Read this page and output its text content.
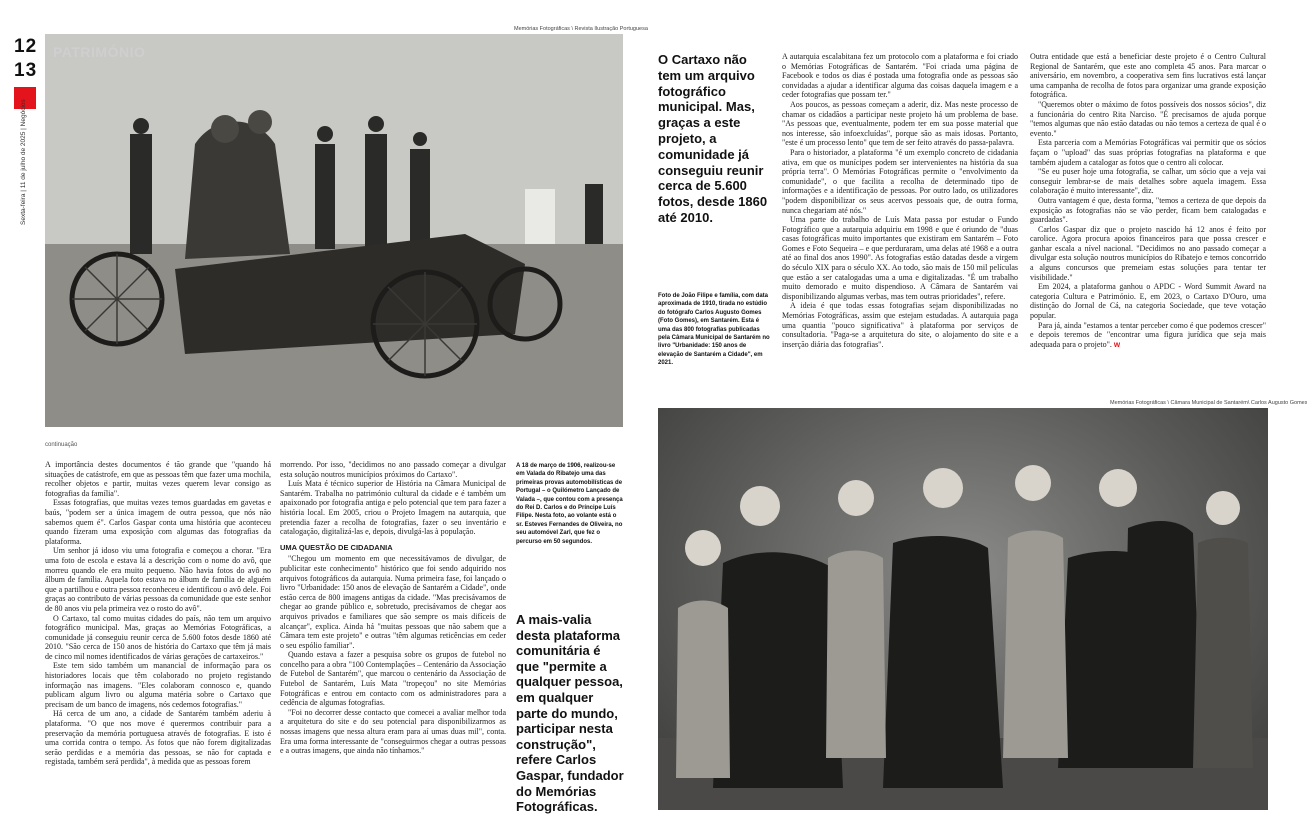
12
13
Sexta-feira | 11 de julho de 2025 | Negócios
Memórias Fotográficas \ Revista Ilustração Portuguesa
PATRIMÓNIO
continuação

A importância destes documentos é tão grande que "quando há situações de catástrofe, em que as pessoas têm que fazer uma mochila, recolher objetos e partir, muitas vezes querem levar consigo as fotografias da família".

Essas fotografias, que muitas vezes temos guardadas em gavetas e baús, "podem ser a única imagem de outra pessoa, que nós não sabemos quem é". Carlos Gaspar conta uma história que aconteceu quando fizeram uma exposição com algumas das fotografias da plataforma.

Um senhor já idoso viu uma fotografia e começou a chorar. "Era uma foto de escola e estava lá a descrição com o nome do avô, que morreu quando ele era muito pequeno. Não havia fotos do avô no álbum de família. Aquela foto estava no álbum de família de alguém que a partilhou e outra pessoa reconheceu e identificou o avô dele. Foi graças ao contributo de várias pessoas da comunidade que este senhor de 80 anos viu pela primeira vez o rosto do avô".

O Cartaxo, tal como muitas cidades do país, não tem um arquivo fotográfico municipal. Mas, graças ao Memórias Fotográficas, a comunidade já conseguiu reunir cerca de 5.600 fotos desde 1860 até 2010. "São cerca de 150 anos de história do Cartaxo que têm já mais de cinco mil nomes identificados de várias gerações de cartaxeiros."

Este tem sido também um manancial de informação para os historiadores locais que têm colaborado no projeto registando informação nas imagens. "Eles colaboram connosco e, quando publicam algum livro ou alguma matéria sobre o Cartaxo que precisam de um banco de imagens, nós cedemos fotografias."

Há cerca de um ano, a cidade de Santarém também aderiu à plataforma. "O que nos move é querermos contribuir para a preservação da memória portuguesa através de fotografias. E isto é uma corrida contra o tempo. As fotos que não forem digitalizadas serão perdidas e a memória das pessoas, se não for captada e registada, também será perdida", à medida que as pessoas forem

morrendo. Por isso, "decidimos no ano passado começar a divulgar esta solução noutros municípios próximos do Cartaxo".

Luís Mata é técnico superior de História na Câmara Municipal de Santarém. Trabalha no património cultural da cidade e é também um apaixonado por fotografia antiga e pelo potencial que tem para fazer a história local. Em 2005, criou o Projeto Imagem na autarquia, que pretendia fazer a recolha de fotografias, fazer o seu inventário e catalogação, digitalizá-las e, depois, divulgá-las à população.

UMA QUESTÃO DE CIDADANIA

"Chegou um momento em que necessitávamos de divulgar, de publicitar este conhecimento" histórico que foi sendo adquirido nos arquivos fotográficos da autarquia. Numa primeira fase, foi lançado o livro "Urbanidade: 150 anos de elevação de Santarém a Cidade", onde estão cerca de 800 imagens antigas da cidade. "Mas precisávamos de chegar ao grande público e, sobretudo, precisávamos de chegar aos arquivos privados e familiares que são sempre os mais difíceis de alcançar", explica. Ainda há "muitas pessoas que não sabem que a Câmara tem este projeto" e outras "têm algumas reticências em ceder o seu espólio familiar".

Quando estava a fazer a pesquisa sobre os grupos de futebol no concelho para a obra "100 Contemplações – Centenário da Associação de Futebol de Santarém", que marcou o centenário da Associação de Futebol de Santarém, Luís Mata "tropeçou" no site Memórias Fotográficas e entrou em contacto com os administradores para a cedência de algumas fotografias.

"Foi no decorrer desse contacto que comecei a avaliar melhor toda a arquitetura do site e do seu potencial para disponibilizarmos as nossas imagens que nessa altura eram para aí umas duas mil", conta. Era uma forma interessante de "conseguirmos chegar a outras pessoas e a outras imagens, que ainda não tínhamos."

A 18 de março de 1906, realizou-se em Valada do Ribatejo uma das primeiras provas automobilísticas de Portugal – o Quilómetro Lançado de Valada –, que contou com a presença do Rei D. Carlos e do Príncipe Luís Filipe. Nesta foto, ao volante está o sr. Esteves Fernandes de Oliveira, no seu automóvel Zarl, que fez o percurso em 50 segundos.
A mais-valia desta plataforma comunitária é que "permite a qualquer pessoa, em qualquer parte do mundo, participar nesta construção", refere Carlos Gaspar, fundador do Memórias Fotográficas.
O Cartaxo não tem um arquivo fotográfico municipal. Mas, graças a este projeto, a comunidade já conseguiu reunir cerca de 5.600 fotos, desde 1860 até 2010.
Foto de João Filipe e família, com data aproximada de 1910, tirada no estúdio do fotógrafo Carlos Augusto Gomes (Foto Gomes), em Santarém. Esta é uma das 800 fotografias publicadas pela Câmara Municipal de Santarém no livro "Urbanidade: 150 anos de elevação de Santarém a Cidade", em 2021.

A autarquia escalabitana fez um protocolo com a plataforma e foi criado o Memórias Fotográficas de Santarém. "Foi criada uma página de Facebook e todos os dias é postada uma fotografia onde as pessoas são convidadas a ajudar a identificar alguma das coisas daquela imagem e a ceder fotografias que possam ter."

Aos poucos, as pessoas começam a aderir, diz. Mas neste processo de chamar os cidadãos a participar neste projeto há um problema de base. "As pessoas que, eventualmente, podem ter em sua posse material que nos interesse, são infoexcluídas", porque são as mais idosas. Portanto, "este é um processo lento" que tem de ser feito através do passa-palavra.

Para o historiador, a plataforma "é um exemplo concreto de cidadania ativa, em que os munícipes podem ser intervenientes na história da sua própria terra". O Memórias Fotográficas permite o "envolvimento da comunidade", o que facilita a recolha de determinado tipo de informações e a identificação de pessoas. Por outro lado, os utilizadores "podem disponibilizar os seus acervos pessoais que, de outra forma, nunca chegariam até nós."

Uma parte do trabalho de Luís Mata passa por estudar o Fundo Fotográfico que a autarquia adquiriu em 1998 e que é oriundo de "duas casas fotográficas muito importantes que existiram em Santarém – Foto Gomes e Foto Sequeira – e que perduraram, uma delas até 1968 e a outra até ao final dos anos 1990". As fotografias estão datadas desde a virgem do século XIX para o século XX. Ao todo, são mais de 150 mil películas que estão a ser catalogadas uma a uma e digitalizadas. "É um trabalho muito demorado e muito dispendioso. A Câmara de Santarém vai disponibilizando algumas verbas, mas tem outras prioridades", refere.

A ideia é que todas essas fotografias sejam disponibilizadas no Memórias Fotográficas, assim que estejam estudadas. A autarquia paga uma quantia "pouco significativa" à plataforma por serviços de consultadoria. "Paga-se a arquitetura do site, o alojamento do site e a inserção diária das fotografias".

Outra entidade que está a beneficiar deste projeto é o Centro Cultural Regional de Santarém, que este ano completa 45 anos. Para marcar o aniversário, em novembro, a cooperativa sem fins lucrativos está lançar uma campanha de recolha de fotos para organizar uma grande exposição fotográfica.

"Queremos obter o máximo de fotos possíveis dos nossos sócios", diz a funcionária do centro Rita Narciso. "É precisamos de ajuda porque "temos algumas que não estão datadas ou não temos a certeza de qual é o evento."

Esta parceria com a Memórias Fotográficas vai permitir que os sócios façam o "upload" das suas próprias fotografias na plataforma e que também ajudem a catalogar as fotos que o centro ali colocar.

"Se eu puser hoje uma fotografia, se calhar, um sócio que a veja vai conseguir lembrar-se de mais detalhes sobre aquela imagem. Essa colaboração é muito interessante", diz.

Outra vantagem é que, desta forma, "temos a certeza de que depois da exposição as fotografias não se vão perder, ficam bem catalogadas e guardadas".

Carlos Gaspar diz que o projeto nascido há 12 anos é feito por carolice. Agora procura apoios financeiros para que possa crescer e ganhar escala a nível nacional. "Decidimos no ano passado começar a divulgar esta solução noutros municípios do Ribatejo e temos concorrido a alguns concursos que premeiam estas soluções para tentar ter visibilidade."

Em 2024, a plataforma ganhou o APDC - Word Summit Award na categoria Cultura e Património. E, em 2023, o Cartaxo D'Ouro, uma distinção do Jornal de Cá, na categoria Sociedade, que teve votação popular.

Para já, ainda "estamos a tentar perceber como é que podemos crescer" e depois teremos de "encontrar uma figura jurídica que seja mais adequada para o projeto". w

Memórias Fotográficas \ Câmara Municipal de Santarém\ Carlos Augusto Gomes
